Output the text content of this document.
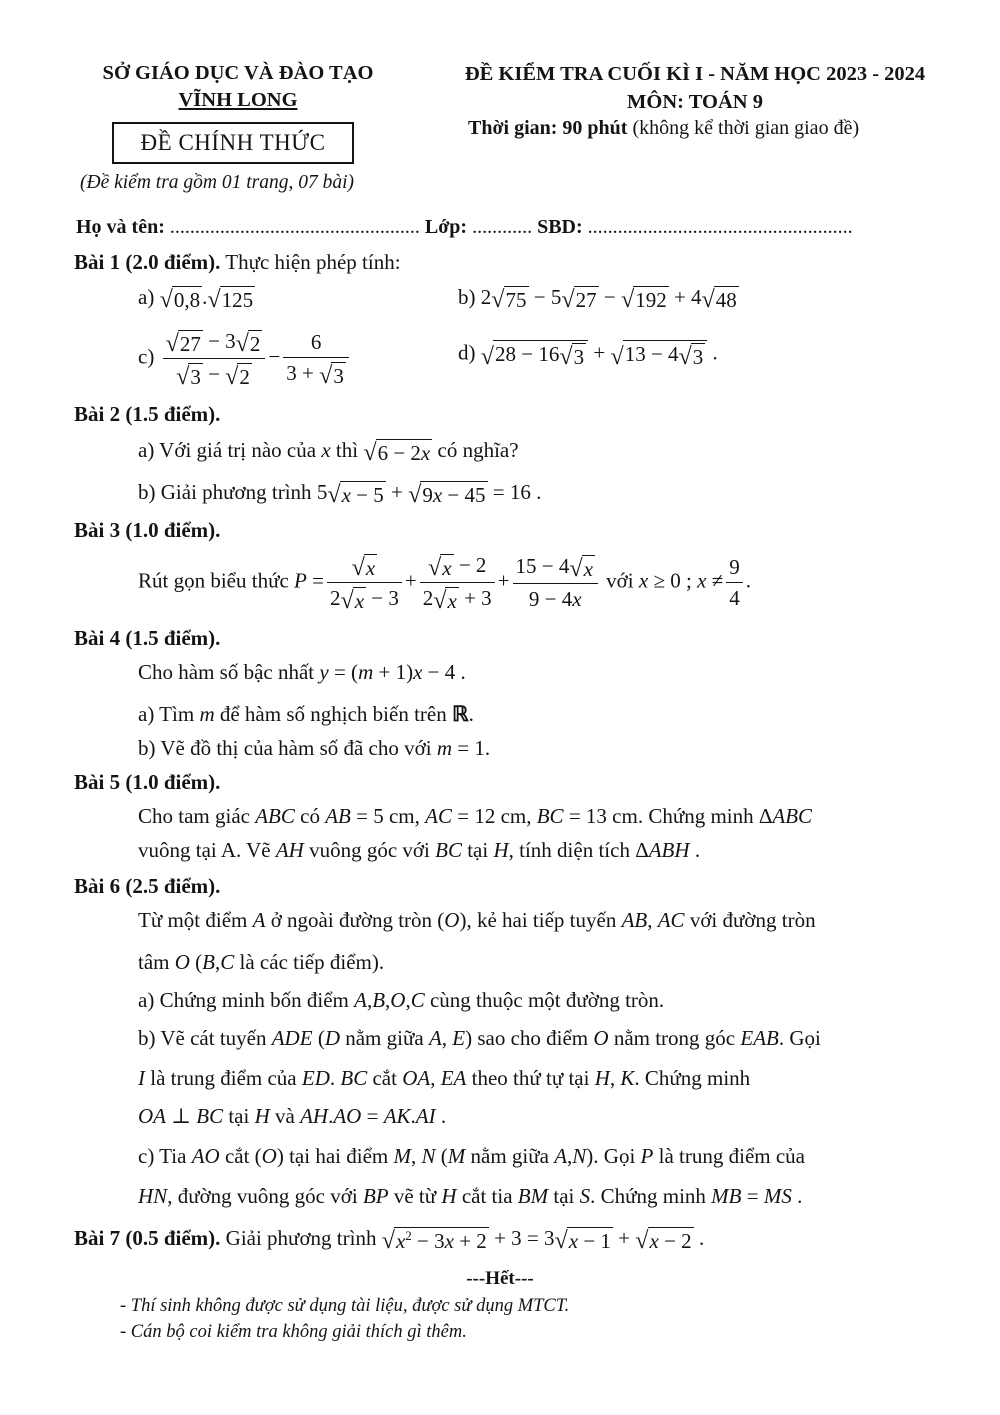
SỞ GIÁO DỤC VÀ ĐÀO TẠO
VĨNH LONG
ĐỀ CHÍNH THỨC
(Đề kiểm tra gồm 01 trang, 07 bài)
ĐỀ KIỂM TRA CUỐI KÌ I - NĂM HỌC 2023 - 2024
MÔN: TOÁN 9
Thời gian: 90 phút (không kể thời gian giao đề)
Họ và tên: .................................................. Lớp: ............ SBD: .....................................................
Bài 1 (2.0 điểm). Thực hiện phép tính:
a) √ 0,8 . √ 125	b) 2 √ 75 − 5 √ 27 − √ 192 + 4 √ 48
$c) \frac{√ 27 - 3 √ 2}{√ 3 - √ 2} - \frac{6}{3 + √ 3}$	d) √ 28 − 16 √ 3 + √ 13 − 4 √ 3 .
Bài 2 (1.5 điểm).
a) Với giá trị nào của x thì √ 6 − 2x có nghĩa?
b) Giải phương trình 5 √ x − 5 + √ 9x − 45 = 16 .
Bài 3 (1.0 điểm).
Rút gọn biểu thức $P = \frac{√ x}{2 √ x - 3} + \frac{√ x - 2}{2 √ x + 3} + \frac{15 - 4 √ x}{9 - 4x}$ với x ≥ 0 ; $x \ne \frac{9}{4}$ .
Bài 4 (1.5 điểm).
Cho hàm số bậc nhất y = (m + 1)x − 4 .
a) Tìm m để hàm số nghịch biến trên ℝ.
b) Vẽ đồ thị của hàm số đã cho với m = 1.
Bài 5 (1.0 điểm).
Cho tam giác ABC có AB = 5 cm, AC = 12 cm, BC = 13 cm. Chứng minh ΔABC
vuông tại A. Vẽ AH vuông góc với BC tại H, tính diện tích ΔABH .
Bài 6 (2.5 điểm).
Từ một điểm A ở ngoài đường tròn (O), kẻ hai tiếp tuyến AB, AC với đường tròn
tâm O (B,C là các tiếp điểm).
a) Chứng minh bốn điểm A,B,O,C cùng thuộc một đường tròn.
b) Vẽ cát tuyến ADE (D nằm giữa A, E) sao cho điểm O nằm trong góc EAB. Gọi
I là trung điểm của ED. BC cắt OA, EA theo thứ tự tại H, K. Chứng minh
OA ⊥ BC tại H và AH.AO = AK.AI .
c) Tia AO cắt (O) tại hai điểm M, N (M nằm giữa A,N). Gọi P là trung điểm của
HN, đường vuông góc với BP vẽ từ H cắt tia BM tại S. Chứng minh MB = MS .
Bài 7 (0.5 điểm). Giải phương trình √ $x^2 - 3x + 2 + 3 = 3$ √ x − 1 + √ x − 2 .
---Hết---
- Thí sinh không được sử dụng tài liệu, được sử dụng MTCT.
- Cán bộ coi kiểm tra không giải thích gì thêm.
